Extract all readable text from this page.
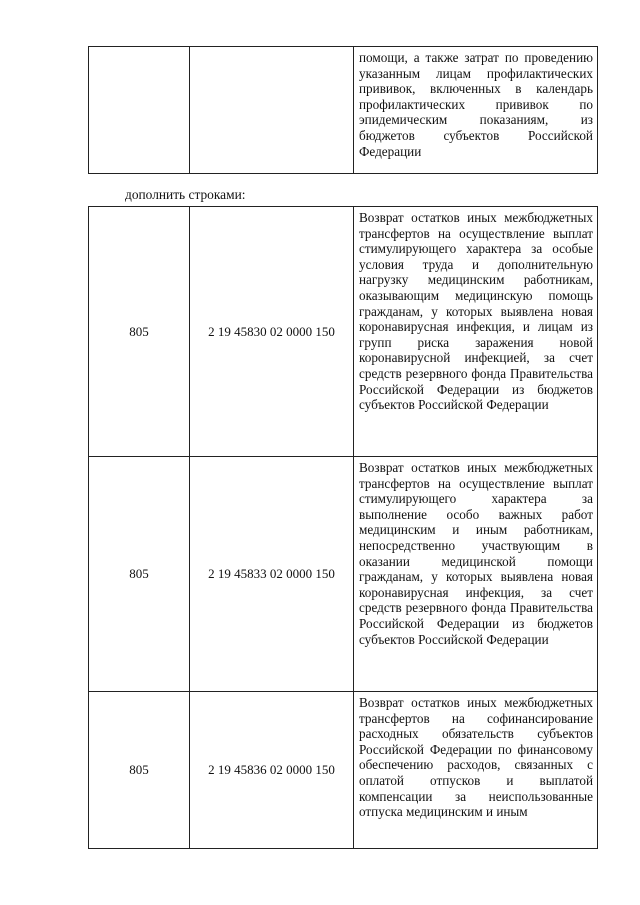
помощи, а также затрат по проведению указанным лицам профилактических прививок, включенных в календарь профилактических прививок по эпидемическим показаниям, из бюджетов субъектов Российской Федерации
дополнить строками:
805	2 19 45830 02 0000 150	Возврат остатков иных межбюджетных трансфертов на осуществление выплат стимулирующего характера за особые условия труда и дополнительную нагрузку медицинским работникам, оказывающим медицинскую помощь гражданам, у которых выявлена новая коронавирусная инфекция, и лицам из групп риска заражения новой коронавирусной инфекцией, за счет средств резервного фонда Правительства Российской Федерации из бюджетов субъектов Российской Федерации

805	2 19 45833 02 0000 150	Возврат остатков иных межбюджетных трансфертов на осуществление выплат стимулирующего характера за выполнение особо важных работ медицинским и иным работникам, непосредственно участвующим в оказании медицинской помощи гражданам, у которых выявлена новая коронавирусная инфекция, за счет средств резервного фонда Правительства Российской Федерации из бюджетов субъектов Российской Федерации

805	2 19 45836 02 0000 150	Возврат остатков иных межбюджетных трансфертов на софинансирование расходных обязательств субъектов Российской Федерации по финансовому обеспечению расходов, связанных с оплатой отпусков и выплатой компенсации за неиспользованные отпуска медицинским и иным
